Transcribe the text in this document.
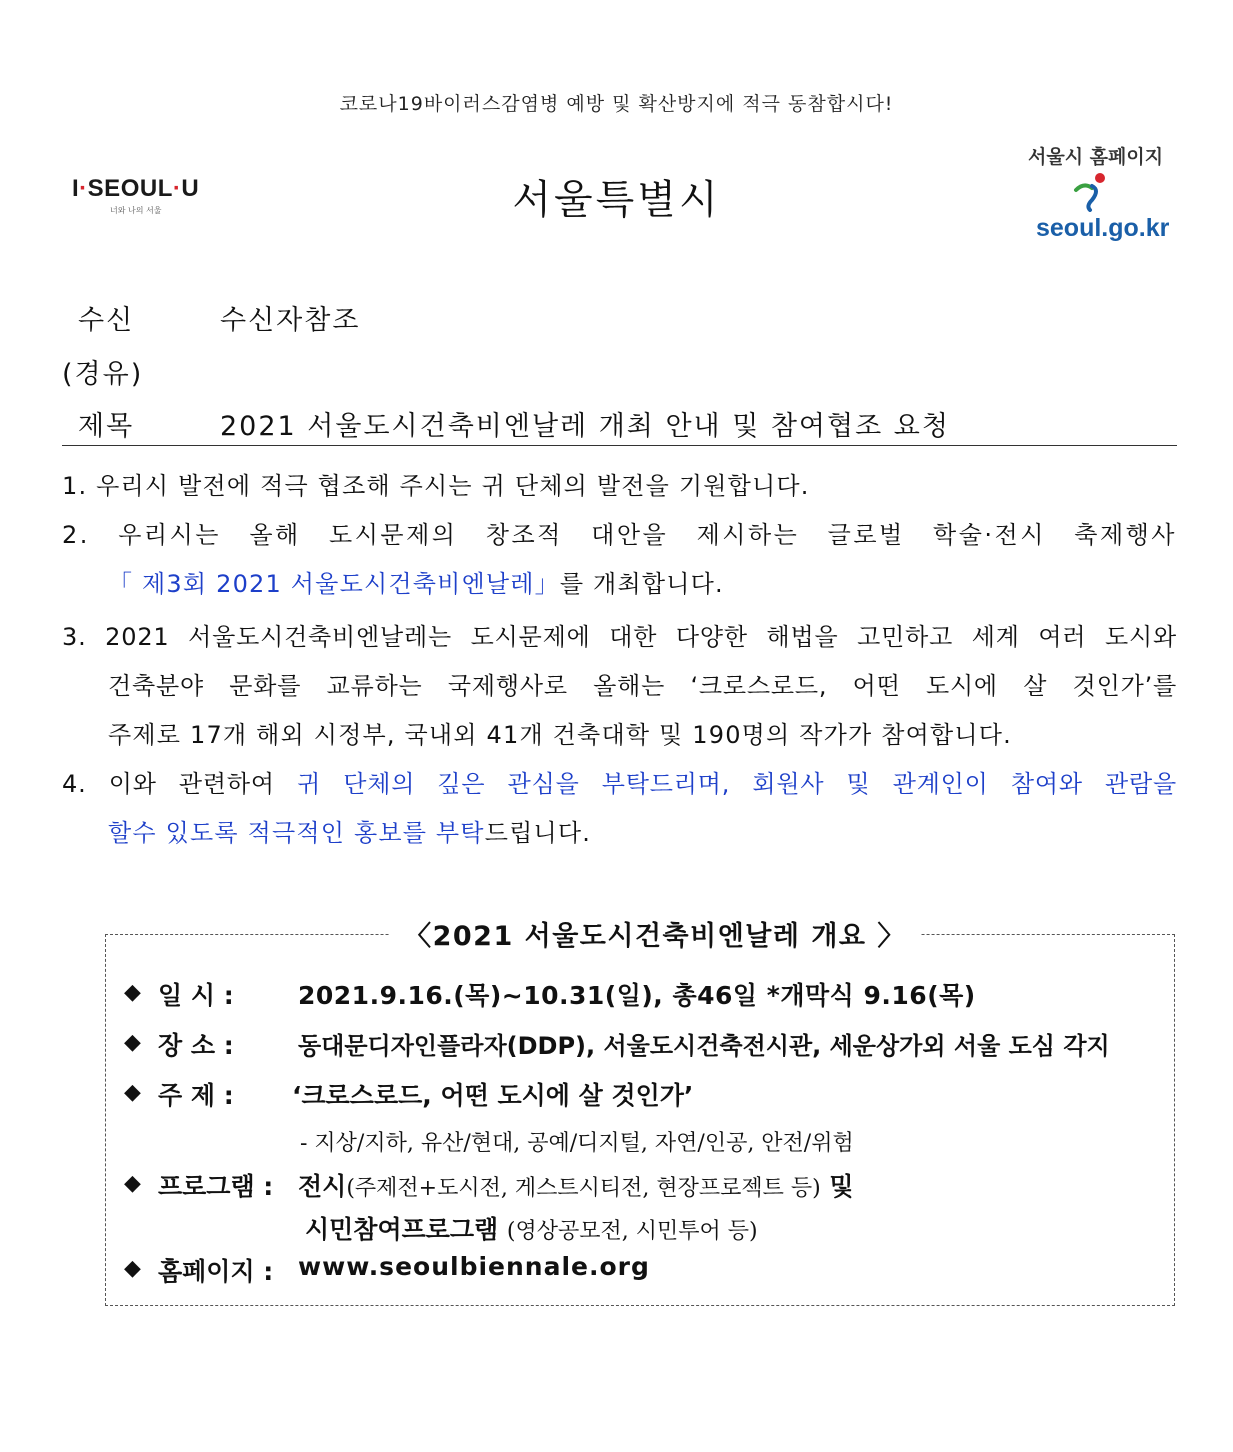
코로나19바이러스감염병 예방 및 확산방지에 적극 동참합시다!
I·SEOUL·U
너와 나의 서울	서울특별시
서울시 홈페이지
seoul.go.kr
수신	수신자참조
(경유)
제목	2021 서울도시건축비엔날레 개최 안내 및 참여협조 요청
1. 우리시 발전에 적극 협조해 주시는 귀 단체의 발전을 기원합니다.
2. 우리시는 올해 도시문제의 창조적 대안을 제시하는 글로벌 학술·전시 축제행사
「 제3회 2021 서울도시건축비엔날레」를 개최합니다.
3. 2021 서울도시건축비엔날레는 도시문제에 대한 다양한 해법을 고민하고 세계 여러 도시와
건축분야 문화를 교류하는 국제행사로 올해는 ‘크로스로드, 어떤 도시에 살 것인가’를
주제로 17개 해외 시정부, 국내외 41개 건축대학 및 190명의 작가가 참여합니다.
4. 이와 관련하여 귀 단체의 깊은 관심을 부탁드리며, 회원사 및 관계인이 참여와 관람을
할수 있도록 적극적인 홍보를 부탁드립니다.
〈2021 서울도시건축비엔날레 개요 〉
◆ 일 시 :	2021.9.16.(목)~10.31(일), 총46일 *개막식 9.16(목)
◆ 장 소 :	동대문디자인플라자(DDP), 서울도시건축전시관, 세운상가외 서울 도심 각지
◆ 주 제 : ‘크로스로드, 어떤 도시에 살 것인가’
- 지상/지하, 유산/현대, 공예/디지털, 자연/인공, 안전/위험
◆ 프로그램 : 전시(주제전+도시전, 게스트시티전, 현장프로젝트 등) 및
시민참여프로그램 (영상공모전, 시민투어 등)
◆ 홈페이지 : www.seoulbiennale.org
